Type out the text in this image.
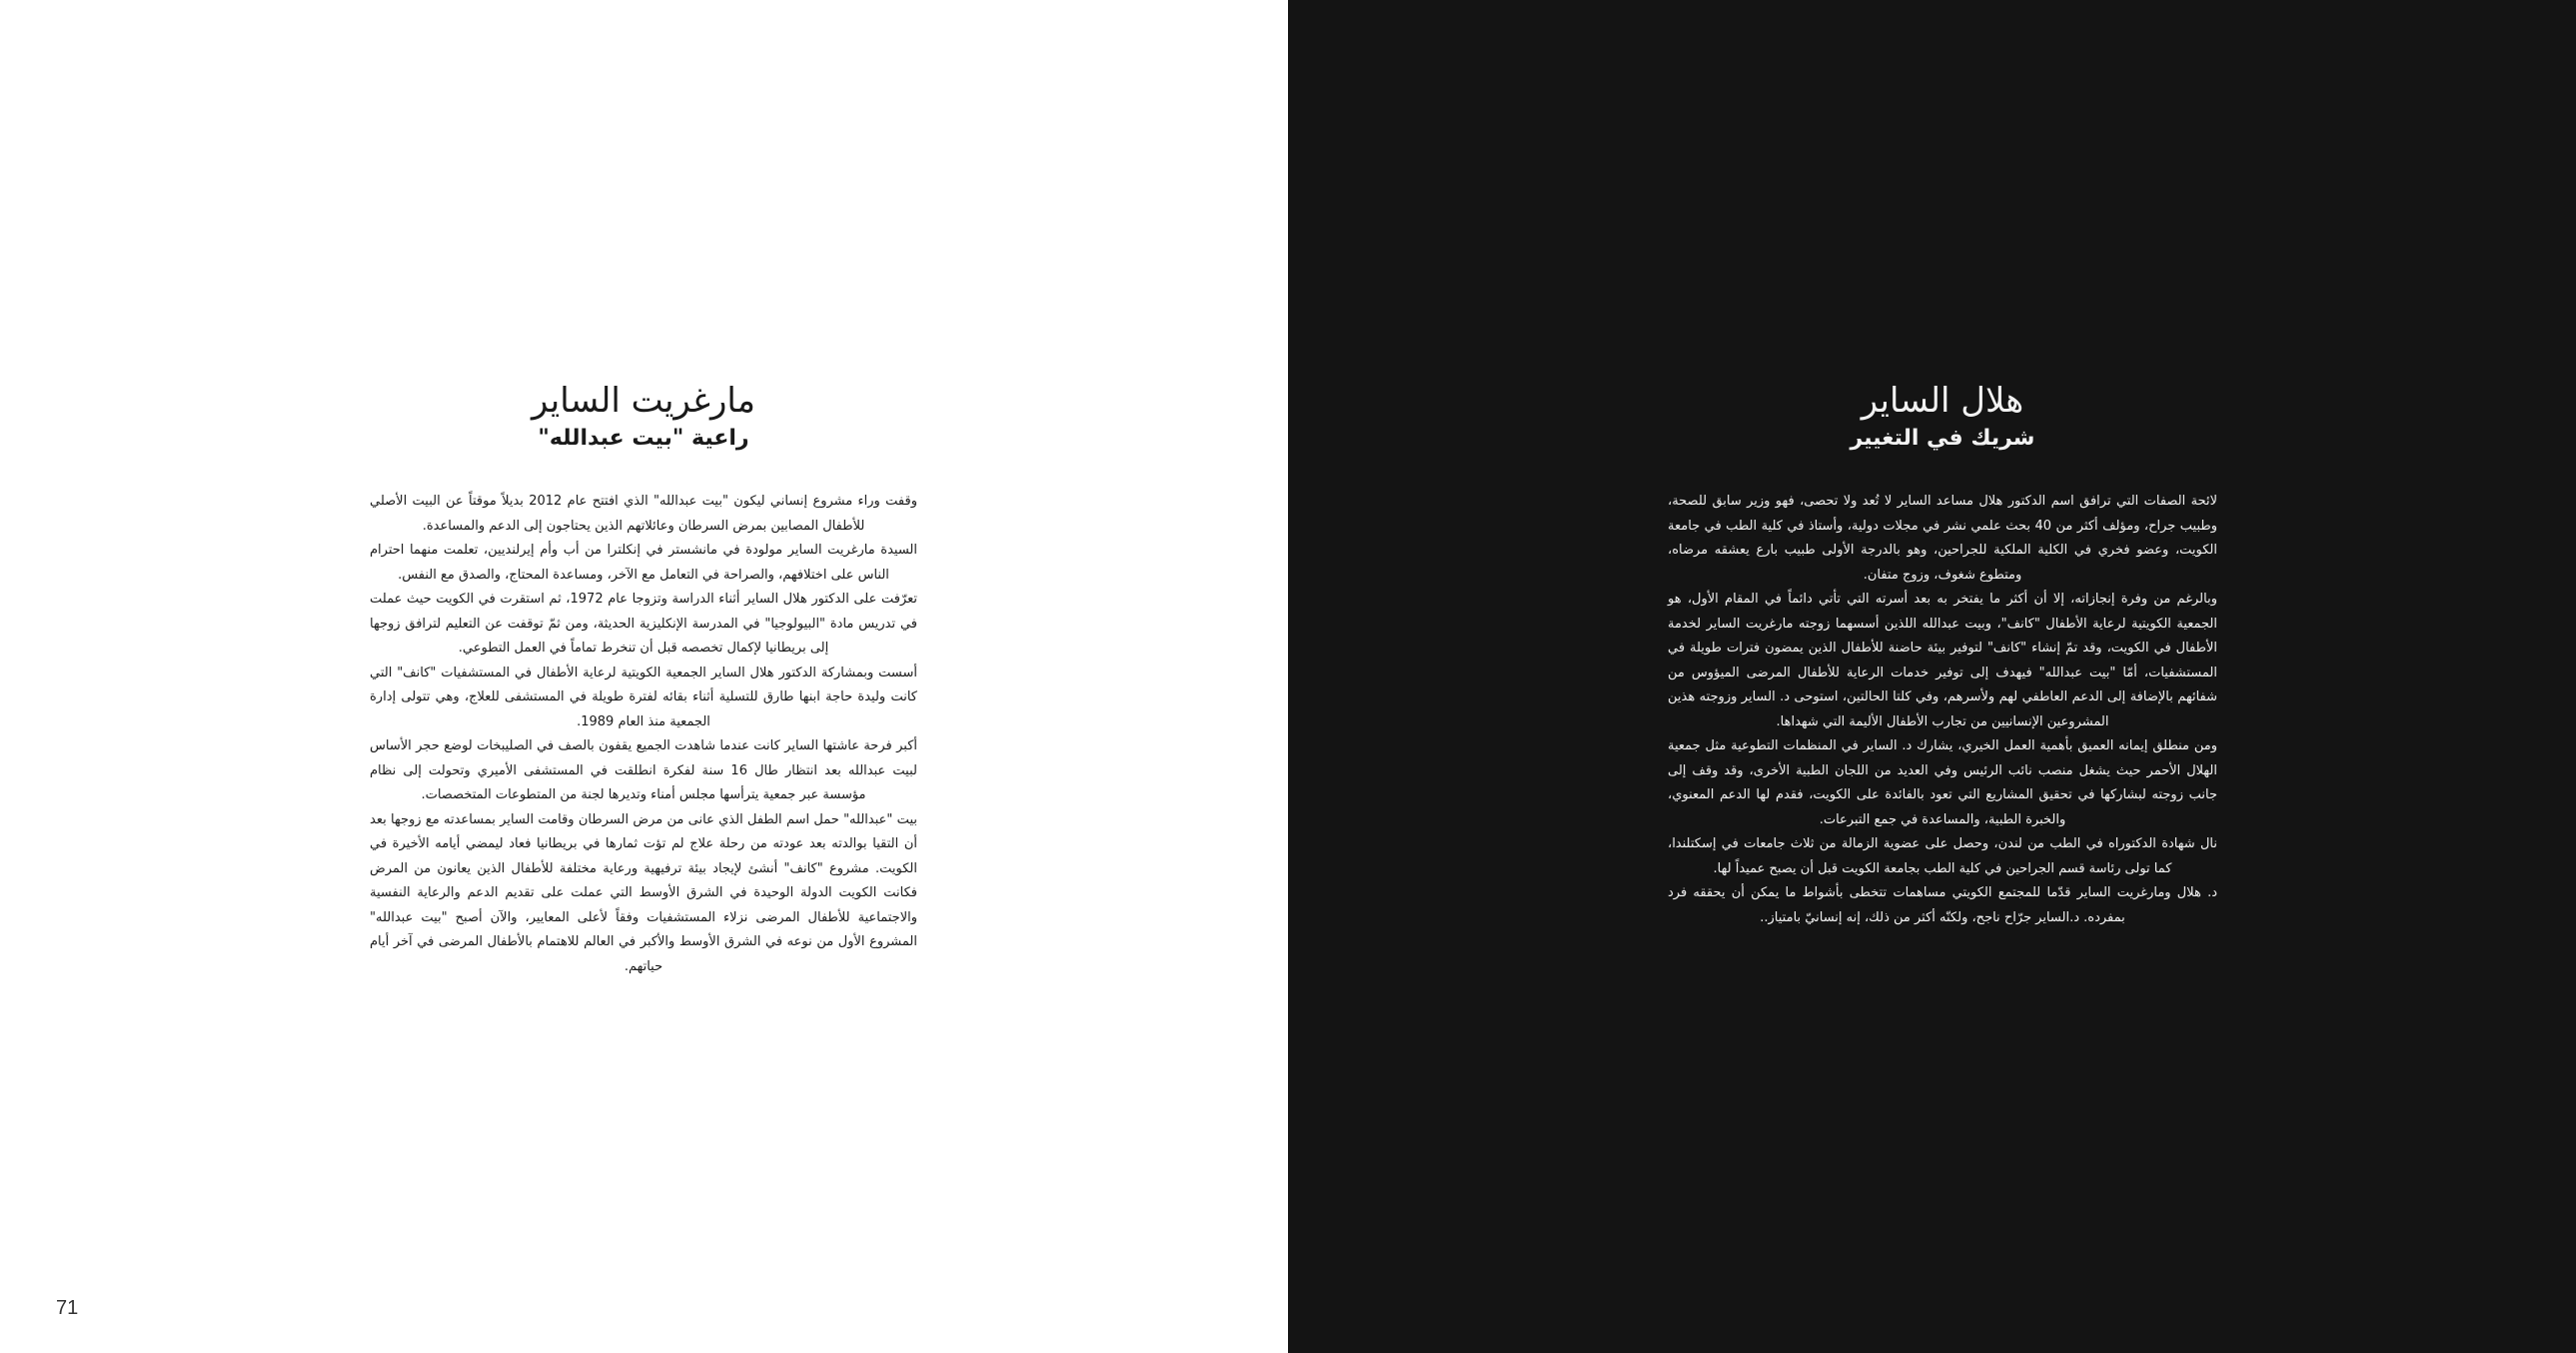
مارغريت الساير
راعية "بيت عبدالله"

وقفت وراء مشروع إنساني ليكون "بيت عبدالله" الذي افتتح عام 2012 بديلاً موقتاً عن البيت الأصلي للأطفال المصابين بمرض السرطان وعائلاتهم الذين يحتاجون إلى الدعم والمساعدة.

السيدة مارغريت الساير مولودة في مانشستر في إنكلترا من أب وأم إيرلنديين، تعلمت منهما احترام الناس على اختلافهم، والصراحة في التعامل مع الآخر، ومساعدة المحتاج، والصدق مع النفس.

تعرّفت على الدكتور هلال الساير أثناء الدراسة وتزوجا عام 1972، ثم استقرت في الكويت حيث عملت في تدريس مادة "البيولوجيا" في المدرسة الإنكليزية الحديثة، ومن ثمّ توقفت عن التعليم لترافق زوجها إلى بريطانيا لإكمال تخصصه قبل أن تنخرط تماماً في العمل التطوعي.

أسست وبمشاركة الدكتور هلال الساير الجمعية الكويتية لرعاية الأطفال في المستشفيات "كانف" التي كانت وليدة حاجة ابنها طارق للتسلية أثناء بقائه لفترة طويلة في المستشفى للعلاج، وهي تتولى إدارة الجمعية منذ العام 1989.

أكبر فرحة عاشتها الساير كانت عندما شاهدت الجميع يقفون بالصف في الصليبخات لوضع حجر الأساس لبيت عبدالله بعد انتظار طال 16 سنة لفكرة انطلقت في المستشفى الأميري وتحولت إلى نظام مؤسسة عبر جمعية يترأسها مجلس أمناء وتديرها لجنة من المتطوعات المتخصصات.

بيت "عبدالله" حمل اسم الطفل الذي عانى من مرض السرطان وقامت الساير بمساعدته مع زوجها بعد أن التقيا بوالدته بعد عودته من رحلة علاج لم تؤت ثمارها في بريطانيا فعاد ليمضي أيامه الأخيرة في الكويت. مشروع "كانف" أنشئ لإيجاد بيئة ترفيهية ورعاية مختلفة للأطفال الذين يعانون من المرض فكانت الكويت الدولة الوحيدة في الشرق الأوسط التي عملت على تقديم الدعم والرعاية النفسية والاجتماعية للأطفال المرضى نزلاء المستشفيات وفقاً لأعلى المعايير، والآن أصبح "بيت عبدالله" المشروع الأول من نوعه في الشرق الأوسط والأكبر في العالم للاهتمام بالأطفال المرضى في آخر أيام حياتهم.

71
هلال الساير
شريك في التغيير

لائحة الصفات التي ترافق اسم الدكتور هلال مساعد الساير لا تُعد ولا تحصى، فهو وزير سابق للصحة، وطبيب جراح، ومؤلف أكثر من 40 بحث علمي نشر في مجلات دولية، وأستاذ في كلية الطب في جامعة الكويت، وعضو فخري في الكلية الملكية للجراحين، وهو بالدرجة الأولى طبيب بارع يعشقه مرضاه، ومتطوع شغوف، وزوج متفان.

وبالرغم من وفرة إنجازاته، إلا أن أكثر ما يفتخر به بعد أسرته التي تأتي دائماً في المقام الأول، هو الجمعية الكويتية لرعاية الأطفال "كانف"، وبيت عبدالله اللذين أسسهما زوجته مارغريت الساير لخدمة الأطفال في الكويت، وقد تمّ إنشاء "كانف" لتوفير بيئة حاضنة للأطفال الذين يمضون فترات طويلة في المستشفيات، أمّا "بيت عبدالله" فيهدف إلى توفير خدمات الرعاية للأطفال المرضى الميؤوس من شفائهم بالإضافة إلى الدعم العاطفي لهم ولأسرهم، وفي كلتا الحالتين، استوحى د. الساير وزوجته هذين المشروعين الإنسانيين من تجارب الأطفال الأليمة التي شهداها.

ومن منطلق إيمانه العميق بأهمية العمل الخيري، يشارك د. الساير في المنظمات التطوعية مثل جمعية الهلال الأحمر حيث يشغل منصب نائب الرئيس وفي العديد من اللجان الطبية الأخرى، وقد وقف إلى جانب زوجته لبشاركها في تحقيق المشاريع التي تعود بالفائدة على الكويت، فقدم لها الدعم المعنوي، والخبرة الطبية، والمساعدة في جمع التبرعات.

نال شهادة الدكتوراه في الطب من لندن، وحصل على عضوية الزمالة من ثلاث جامعات في إسكتلندا، كما تولى رئاسة قسم الجراحين في كلية الطب بجامعة الكويت قبل أن يصبح عميداً لها.

د. هلال ومارغريت الساير قدّما للمجتمع الكويتي مساهمات تتخطى بأشواط ما يمكن أن يحققه فرد بمفرده. د.الساير جرّاح ناجح، ولكنّه أكثر من ذلك، إنه إنسانيّ بامتياز..
